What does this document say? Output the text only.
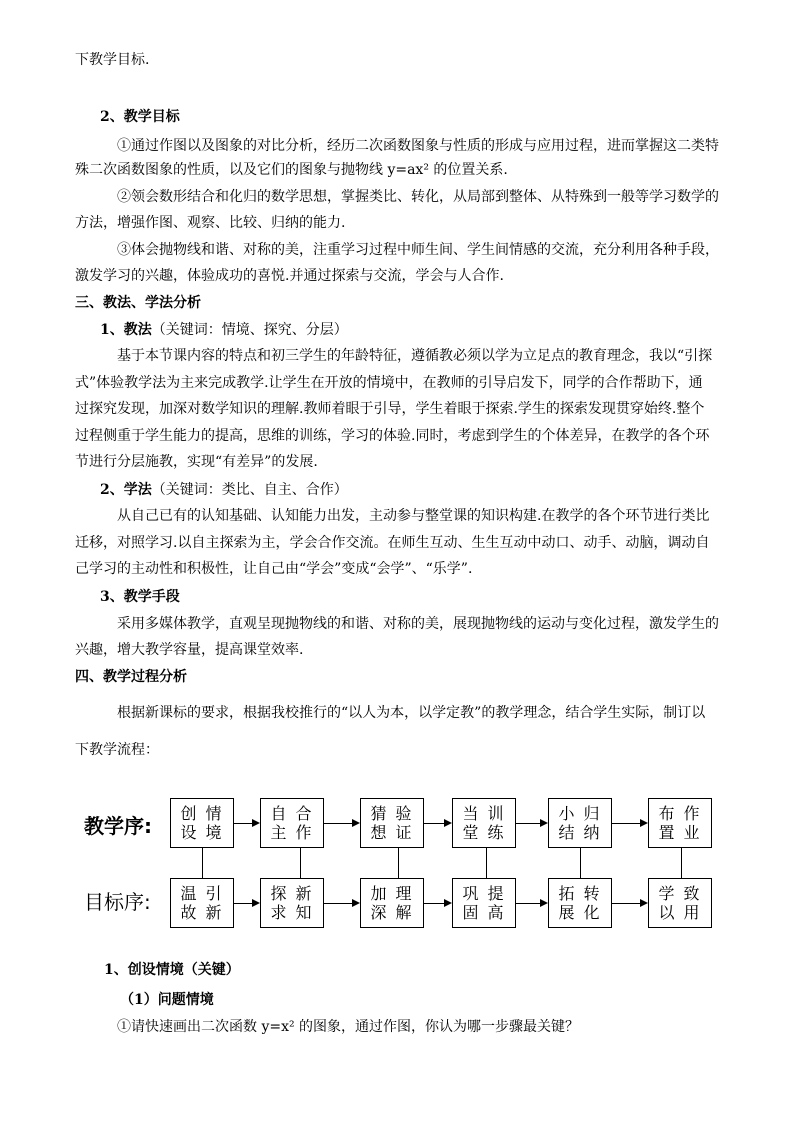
下教学目标.
2、教学目标
①通过作图以及图象的对比分析，经历二次函数图象与性质的形成与应用过程，进而掌握这二类特
殊二次函数图象的性质，以及它们的图象与抛物线 y=ax² 的位置关系.
②领会数形结合和化归的数学思想，掌握类比、转化，从局部到整体、从特殊到一般等学习数学的
方法，增强作图、观察、比较、归纳的能力.
③体会抛物线和谐、对称的美，注重学习过程中师生间、学生间情感的交流，充分利用各种手段，
激发学习的兴趣，体验成功的喜悦.并通过探索与交流，学会与人合作.
三、教法、学法分析
1、教法（关键词：情境、探究、分层）
基于本节课内容的特点和初三学生的年龄特征，遵循教必须以学为立足点的教育理念，我以“引探
式”体验教学法为主来完成教学.让学生在开放的情境中，在教师的引导启发下，同学的合作帮助下，通
过探究发现，加深对数学知识的理解.教师着眼于引导，学生着眼于探索.学生的探索发现贯穿始终.整个
过程侧重于学生能力的提高，思维的训练，学习的体验.同时，考虑到学生的个体差异，在教学的各个环
节进行分层施教，实现“有差异”的发展.
2、学法（关键词：类比、自主、合作）
从自己已有的认知基础、认知能力出发，主动参与整堂课的知识构建.在教学的各个环节进行类比
迁移，对照学习.以自主探索为主，学会合作交流。在师生互动、生生互动中动口、动手、动脑，调动自
己学习的主动性和积极性，让自己由“学会”变成“会学”、“乐学”.
3、教学手段
采用多媒体教学，直观呈现抛物线的和谐、对称的美，展现抛物线的运动与变化过程，激发学生的
兴趣，增大教学容量，提高课堂效率.
四、教学过程分析
根据新课标的要求，根据我校推行的“以人为本，以学定教”的教学理念，结合学生实际，制订以
下教学流程：
教学序:
目标序:
创 情
设 境
自 合
主 作
猜 验
想 证
当 训
堂 练
小 归
结 纳
布 作
置 业
温 引
故 新
探 新
求 知
加 理
深 解
巩 提
固 高
拓 转
展 化
学 致
以 用
1、创设情境（关键）
（1）问题情境
①请快速画出二次函数 y=x² 的图象，通过作图，你认为哪一步骤最关键？
